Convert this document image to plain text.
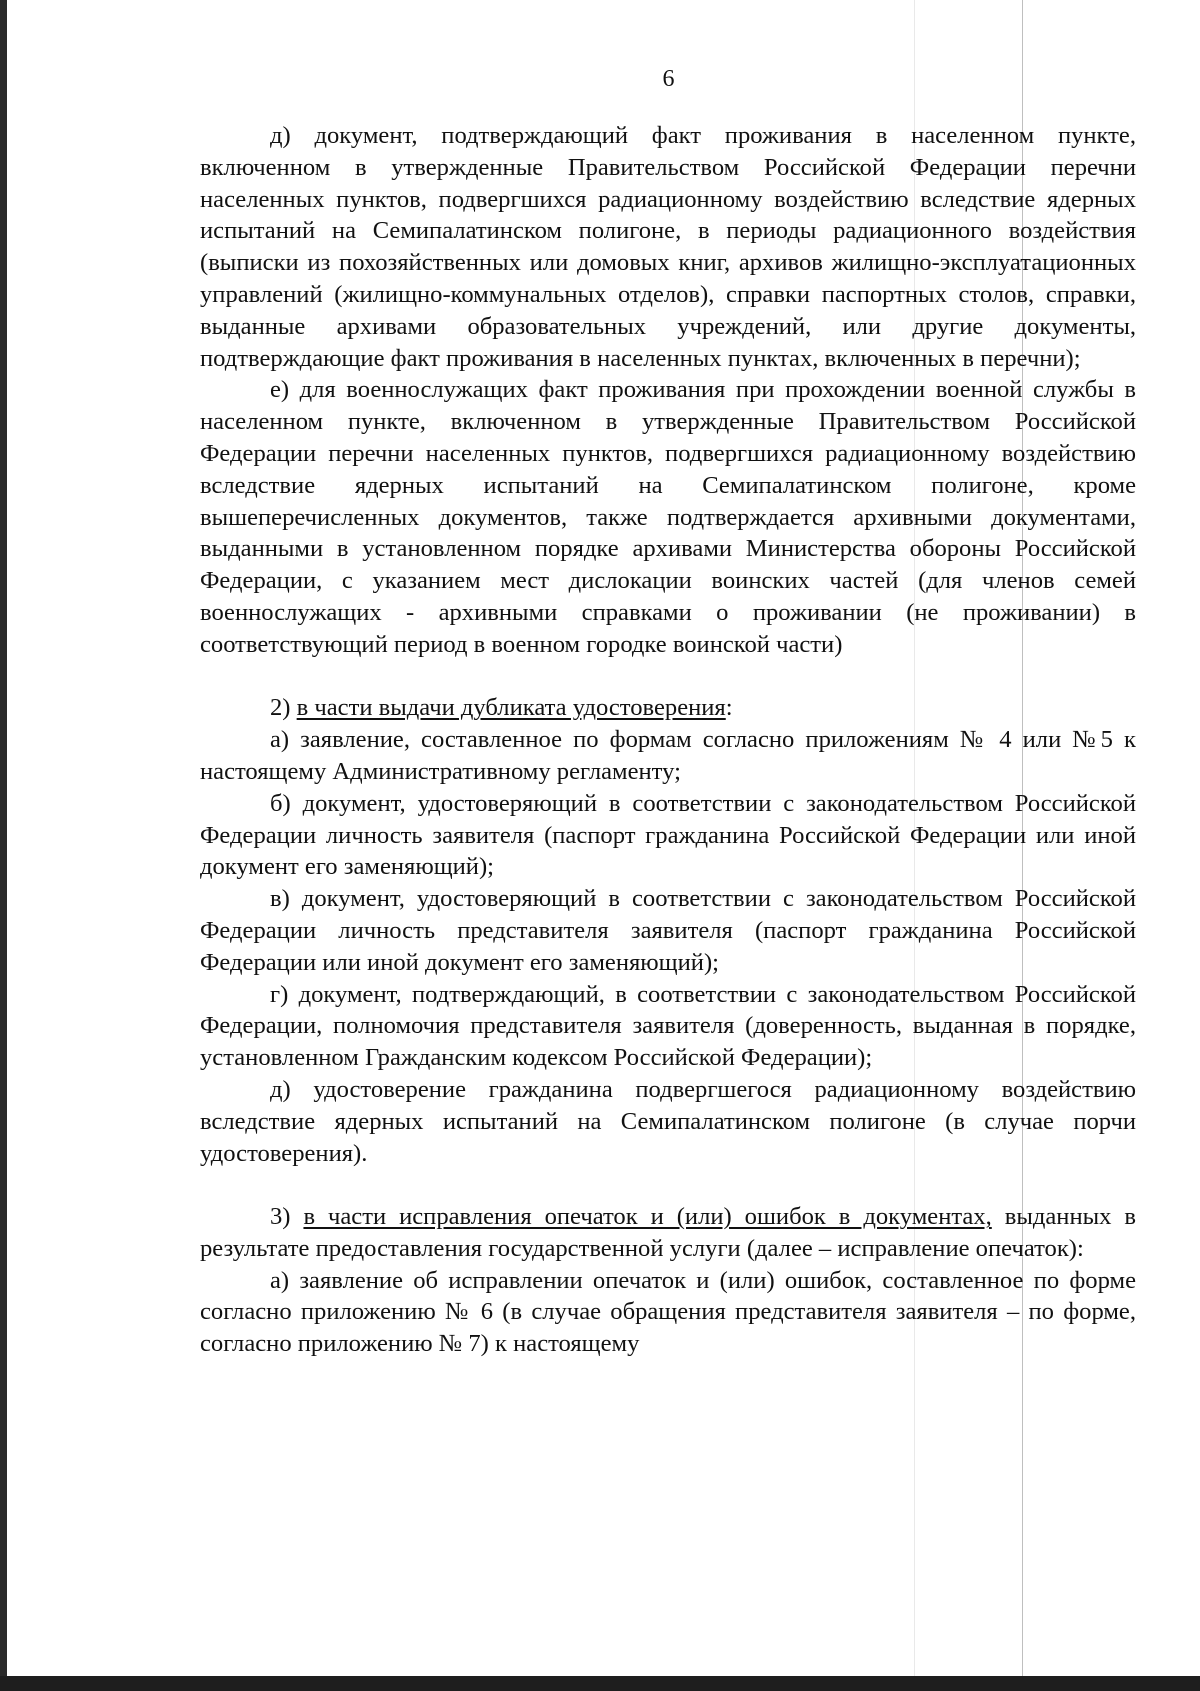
6

д) документ, подтверждающий факт проживания в населенном пункте, включенном в утвержденные Правительством Российской Федерации перечни населенных пунктов, подвергшихся радиационному воздействию вследствие ядерных испытаний на Семипалатинском полигоне, в периоды радиационного воздействия (выписки из похозяйственных или домовых книг, архивов жилищно-эксплуатационных управлений (жилищно-коммунальных отделов), справки паспортных столов, справки, выданные архивами образовательных учреждений, или другие документы, подтверждающие факт проживания в населенных пунктах, включенных в перечни);

е) для военнослужащих факт проживания при прохождении военной службы в населенном пункте, включенном в утвержденные Правительством Российской Федерации перечни населенных пунктов, подвергшихся радиационному воздействию вследствие ядерных испытаний на Семипалатинском полигоне, кроме вышеперечисленных документов, также подтверждается архивными документами, выданными в установленном порядке архивами Министерства обороны Российской Федерации, с указанием мест дислокации воинских частей (для членов семей военнослужащих - архивными справками о проживании (не проживании) в соответствующий период в военном городке воинской части)

2) в части выдачи дубликата удостоверения:

а) заявление, составленное по формам согласно приложениям № 4 или №5 к настоящему Административному регламенту;

б) документ, удостоверяющий в соответствии с законодательством Российской Федерации личность заявителя (паспорт гражданина Российской Федерации или иной документ его заменяющий);

в) документ, удостоверяющий в соответствии с законодательством Российской Федерации личность представителя заявителя (паспорт гражданина Российской Федерации или иной документ его заменяющий);

г) документ, подтверждающий, в соответствии с законодательством Российской Федерации, полномочия представителя заявителя (доверенность, выданная в порядке, установленном Гражданским кодексом Российской Федерации);

д) удостоверение гражданина подвергшегося радиационному воздействию вследствие ядерных испытаний на Семипалатинском полигоне (в случае порчи удостоверения).

3) в части исправления опечаток и (или) ошибок в документах, выданных в результате предоставления государственной услуги (далее – исправление опечаток):

а) заявление об исправлении опечаток и (или) ошибок, составленное по форме согласно приложению № 6 (в случае обращения представителя заявителя – по форме, согласно приложению № 7) к настоящему
